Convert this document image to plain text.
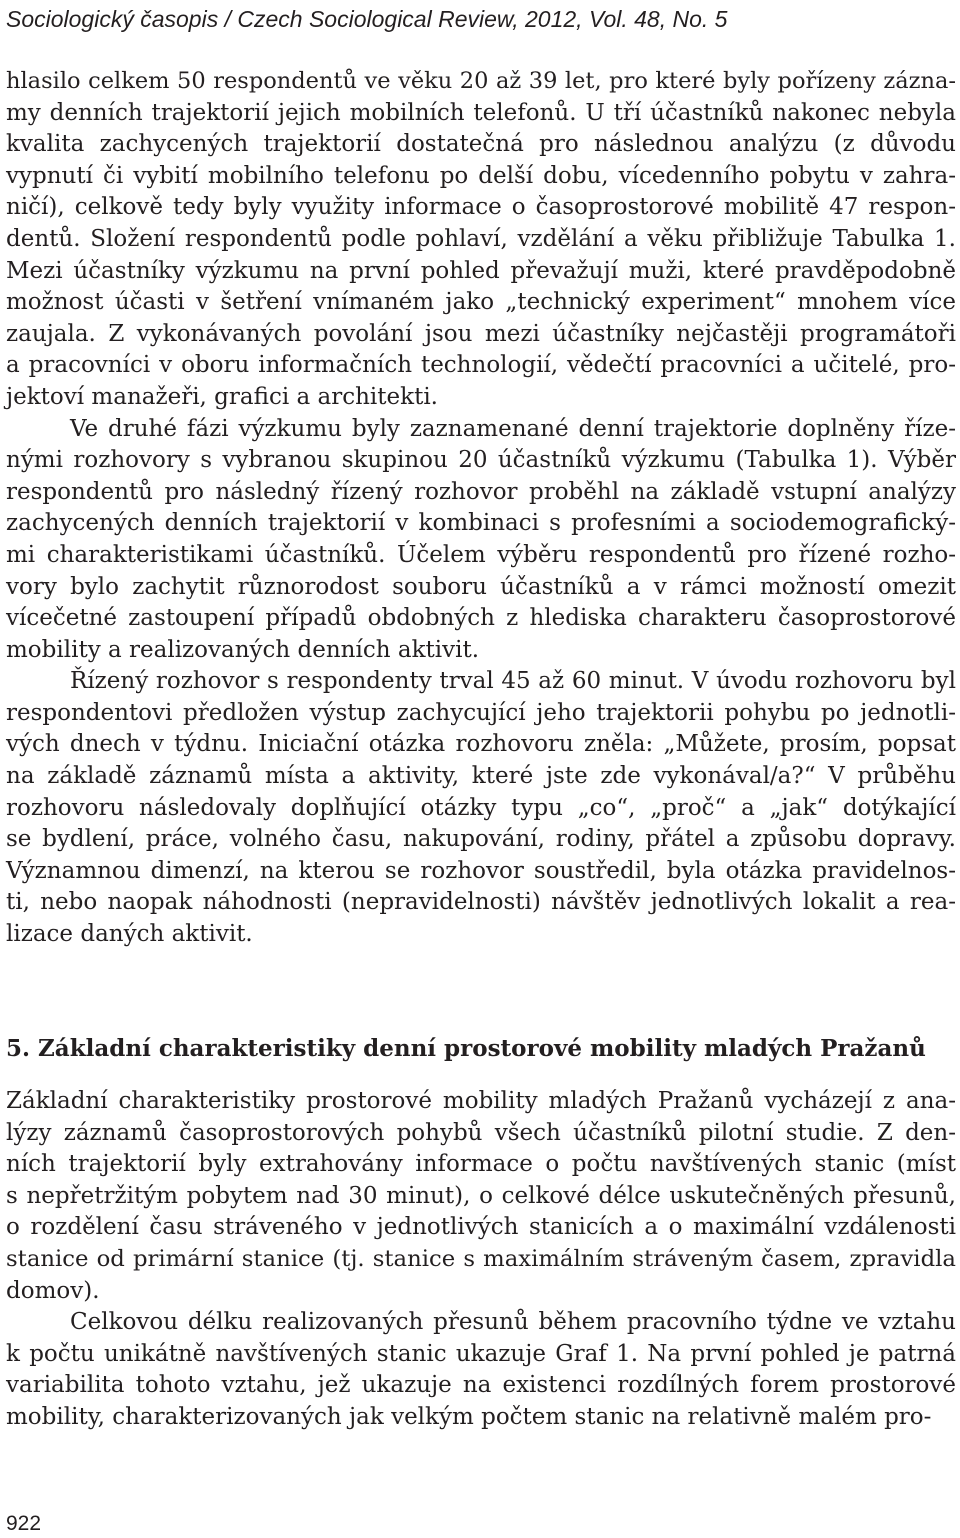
Sociologický časopis / Czech Sociological Review, 2012, Vol. 48, No. 5
hlasilo celkem 50 respondentů ve věku 20 až 39 let, pro které byly pořízeny zázna-
my denních trajektorií jejich mobilních telefonů. U tří účastníků nakonec nebyla
kvalita zachycených trajektorií dostatečná pro následnou analýzu (z důvodu
vypnutí či vybití mobilního telefonu po delší dobu, vícedenního pobytu v zahra-
ničí), celkově tedy byly využity informace o časoprostorové mobilitě 47 respon-
dentů. Složení respondentů podle pohlaví, vzdělání a věku přibližuje Tabulka 1.
Mezi účastníky výzkumu na první pohled převažují muži, které pravděpodobně
možnost účasti v šetření vnímaném jako „technický experiment“ mnohem více
zaujala. Z vykonávaných povolání jsou mezi účastníky nejčastěji programátoři
a pracovníci v oboru informačních technologií, vědečtí pracovníci a učitelé, pro-
jektoví manažeři, grafici a architekti.
Ve druhé fázi výzkumu byly zaznamenané denní trajektorie doplněny říze-
nými rozhovory s vybranou skupinou 20 účastníků výzkumu (Tabulka 1). Výběr
respondentů pro následný řízený rozhovor proběhl na základě vstupní analýzy
zachycených denních trajektorií v kombinaci s profesními a sociodemografický-
mi charakteristikami účastníků. Účelem výběru respondentů pro řízené rozho-
vory bylo zachytit různorodost souboru účastníků a v rámci možností omezit
vícečetné zastoupení případů obdobných z hlediska charakteru časoprostorové
mobility a realizovaných denních aktivit.
Řízený rozhovor s respondenty trval 45 až 60 minut. V úvodu rozhovoru byl
respondentovi předložen výstup zachycující jeho trajektorii pohybu po jednotli-
vých dnech v týdnu. Iniciační otázka rozhovoru zněla: „Můžete, prosím, popsat
na základě záznamů místa a aktivity, které jste zde vykonával/a?“ V průběhu
rozhovoru následovaly doplňující otázky typu „co“, „proč“ a „jak“ dotýkající
se bydlení, práce, volného času, nakupování, rodiny, přátel a způsobu dopravy.
Významnou dimenzí, na kterou se rozhovor soustředil, byla otázka pravidelnos-
ti, nebo naopak náhodnosti (nepravidelnosti) návštěv jednotlivých lokalit a rea-
lizace daných aktivit.
5. Základní charakteristiky denní prostorové mobility mladých Pražanů
Základní charakteristiky prostorové mobility mladých Pražanů vycházejí z ana-
lýzy záznamů časoprostorových pohybů všech účastníků pilotní studie. Z den-
ních trajektorií byly extrahovány informace o počtu navštívených stanic (míst
s nepřetržitým pobytem nad 30 minut), o celkové délce uskutečněných přesunů,
o rozdělení času stráveného v jednotlivých stanicích a o maximální vzdálenosti
stanice od primární stanice (tj. stanice s maximálním stráveným časem, zpravidla
domov).
Celkovou délku realizovaných přesunů během pracovního týdne ve vztahu
k počtu unikátně navštívených stanic ukazuje Graf 1. Na první pohled je patrná
variabilita tohoto vztahu, jež ukazuje na existenci rozdílných forem prostorové
mobility, charakterizovaných jak velkým počtem stanic na relativně malém pro-
922
